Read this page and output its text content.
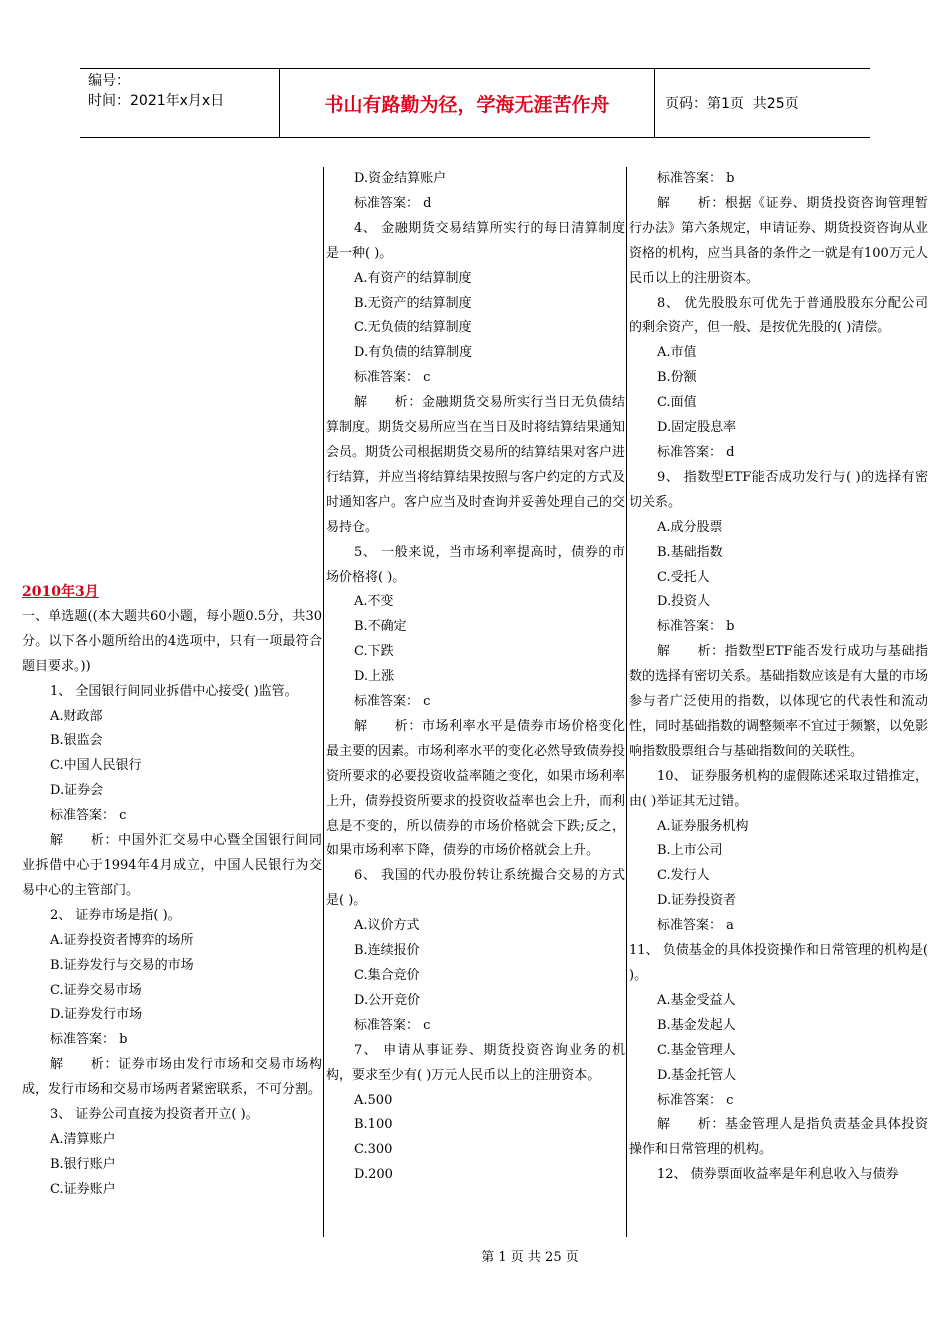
编号：
时间：2021年x月x日	书山有路勤为径，学海无涯苦作舟	页码：第1页  共25页
2010年3月
一、单选题((本大题共60小题，每小题0.5分，共30分。以下各小题所给出的4选项中，只有一项最符合题目要求。))
1、 全国银行间同业拆借中心接受( )监管。
A.财政部
B.银监会
C.中国人民银行
D.证券会
标准答案： c
解　　析：中国外汇交易中心暨全国银行间同业拆借中心于1994年4月成立，中国人民银行为交易中心的主管部门。
2、 证券市场是指( )。
A.证券投资者博弈的场所
B.证券发行与交易的市场
C.证券交易市场
D.证券发行市场
标准答案： b
解　　析：证券市场由发行市场和交易市场构成，发行市场和交易市场两者紧密联系，不可分割。
3、 证券公司直接为投资者开立( )。
A.清算账户
B.银行账户
C.证券账户
D.资金结算账户
标准答案： d
4、 金融期货交易结算所实行的每日清算制度是一种( )。
A.有资产的结算制度
B.无资产的结算制度
C.无负债的结算制度
D.有负债的结算制度
标准答案： c
解　　析：金融期货交易所实行当日无负债结算制度。期货交易所应当在当日及时将结算结果通知会员。期货公司根据期货交易所的结算结果对客户进行结算，并应当将结算结果按照与客户约定的方式及时通知客户。客户应当及时查询并妥善处理自己的交易持仓。
5、 一般来说，当市场利率提高时，债券的市场价格将( )。
A.不变
B.不确定
C.下跌
D.上涨
标准答案： c
解　　析：市场利率水平是债券市场价格变化最主要的因素。市场利率水平的变化必然导致债券投资所要求的必要投资收益率随之变化，如果市场利率上升，债券投资所要求的投资收益率也会上升，而利息是不变的，所以债券的市场价格就会下跌;反之，如果市场利率下降，债券的市场价格就会上升。
6、 我国的代办股份转让系统撮合交易的方式是( )。
A.议价方式
B.连续报价
C.集合竞价
D.公开竞价
标准答案： c
7、 申请从事证券、期货投资咨询业务的机构，要求至少有( )万元人民币以上的注册资本。
A.500
B.100
C.300
D.200
标准答案： b
解　　析：根据《证券、期货投资咨询管理暂行办法》第六条规定，申请证券、期货投资咨询从业资格的机构，应当具备的条件之一就是有100万元人民币以上的注册资本。
8、 优先股股东可优先于普通股股东分配公司的剩余资产，但一般、是按优先股的( )清偿。
A.市值
B.份额
C.面值
D.固定股息率
标准答案： d
9、 指数型ETF能否成功发行与( )的选择有密切关系。
A.成分股票
B.基础指数
C.受托人
D.投资人
标准答案： b
解　　析：指数型ETF能否发行成功与基础指数的选择有密切关系。基础指数应该是有大量的市场参与者广泛使用的指数，以体现它的代表性和流动性，同时基础指数的调整频率不宜过于频繁，以免影响指数股票组合与基础指数间的关联性。
10、 证券服务机构的虚假陈述采取过错推定，由( )举证其无过错。
A.证券服务机构
B.上市公司
C.发行人
D.证券投资者
标准答案： a
11、 负债基金的具体投资操作和日常管理的机构是( )。
A.基金受益人
B.基金发起人
C.基金管理人
D.基金托管人
标准答案： c
解　　析：基金管理人是指负责基金具体投资操作和日常管理的机构。
12、 债券票面收益率是年利息收入与债券
第 1 页 共 25 页
